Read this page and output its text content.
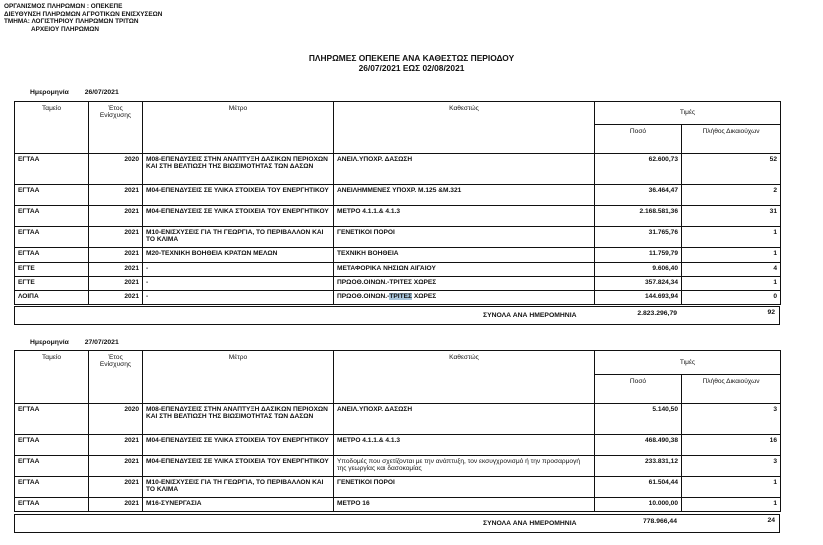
ΟΡΓΑΝΙΣΜΟΣ ΠΛΗΡΩΜΩΝ : ΟΠΕΚΕΠΕ
ΔΙΕΥΘΥΝΣΗ ΠΛΗΡΩΜΩΝ ΑΓΡΟΤΙΚΩΝ ΕΝΙΣΧΥΣΕΩΝ
ΤΜΗΜΑ: ΛΟΓΙΣΤΗΡΙΟΥ ΠΛΗΡΩΜΩΝ ΤΡΙΤΩΝ
ΑΡΧΕΙΟΥ ΠΛΗΡΩΜΩΝ
ΠΛΗΡΩΜΕΣ ΟΠΕΚΕΠΕ ΑΝΑ ΚΑΘΕΣΤΩΣ ΠΕΡΙΟΔΟΥ
26/07/2021 ΕΩΣ 02/08/2021
Ημερομηνία 26/07/2021
Ταμείο	Έτος Ενίσχυσης	Μέτρο	Καθεστώς	Τιμές	
				Ποσό	Πλήθος Δικαιούχων
ΕΓΤΑΑ	2020	M08-ΕΠΕΝΔΥΣΕΙΣ ΣΤΗΝ ΑΝΑΠΤΥΞΗ ΔΑΣΙΚΩΝ ΠΕΡΙΟΧΩΝ ΚΑΙ ΣΤΗ ΒΕΛΤΙΩΣΗ ΤΗΣ ΒΙΩΣΙΜΟΤΗΤΑΣ ΤΩΝ ΔΑΣΩΝ	ΑΝΕΙΛ.ΥΠΟΧΡ. ΔΑΣΩΣΗ	62.600,73	52
ΕΓΤΑΑ	2021	M04-ΕΠΕΝΔΥΣΕΙΣ ΣΕ ΥΛΙΚΑ ΣΤΟΙΧΕΙΑ ΤΟΥ ΕΝΕΡΓΗΤΙΚΟΥ	ΑΝΕΙΛΗΜΜΕΝΕΣ ΥΠΟΧΡ. Μ.125 &Μ.321	36.464,47	2
ΕΓΤΑΑ	2021	M04-ΕΠΕΝΔΥΣΕΙΣ ΣΕ ΥΛΙΚΑ ΣΤΟΙΧΕΙΑ ΤΟΥ ΕΝΕΡΓΗΤΙΚΟΥ	ΜΕΤΡΟ 4.1.1.& 4.1.3	2.168.581,36	31
ΕΓΤΑΑ	2021	M10-ΕΝΙΣΧΥΣΕΙΣ ΓΙΑ ΤΗ ΓΕΩΡΓΙΑ, ΤΟ ΠΕΡΙΒΑΛΛΟΝ ΚΑΙ ΤΟ ΚΛΙΜΑ	ΓΕΝΕΤΙΚΟΙ ΠΟΡΟΙ	31.765,76	1
ΕΓΤΑΑ	2021	M20-ΤΕΧΝΙΚΗ ΒΟΗΘΕΙΑ ΚΡΑΤΩΝ ΜΕΛΩΝ	ΤΕΧΝΙΚΗ ΒΟΗΘΕΙΑ	11.759,79	1
ΕΓΤΕ	2021	-	ΜΕΤΑΦΟΡΙΚΑ ΝΗΣΙΩΝ ΑΙΓΑΙΟΥ	9.606,40	4
ΕΓΤΕ	2021	-	ΠΡΩΟΘ.ΟΙΝΩΝ.-ΤΡΙΤΕΣ ΧΩΡΕΣ	357.824,34	1
ΛΟΙΠΑ	2021	-	ΠΡΩΟΘ.ΟΙΝΩΝ.-ΤΡΙΤΕΣ ΧΩΡΕΣ	144.693,94	0
ΣΥΝΟΛΑ ΑΝΑ ΗΜΕΡΟΜΗΝΙΑ	2.823.296,79	92
Ημερομηνία 27/07/2021
Ταμείο	Έτος Ενίσχυσης	Μέτρο	Καθεστώς	Τιμές	
				Ποσό	Πλήθος Δικαιούχων
ΕΓΤΑΑ	2020	M08-ΕΠΕΝΔΥΣΕΙΣ ΣΤΗΝ ΑΝΑΠΤΥΞΗ ΔΑΣΙΚΩΝ ΠΕΡΙΟΧΩΝ ΚΑΙ ΣΤΗ ΒΕΛΤΙΩΣΗ ΤΗΣ ΒΙΩΣΙΜΟΤΗΤΑΣ ΤΩΝ ΔΑΣΩΝ	ΑΝΕΙΛ.ΥΠΟΧΡ. ΔΑΣΩΣΗ	5.140,50	3
ΕΓΤΑΑ	2021	M04-ΕΠΕΝΔΥΣΕΙΣ ΣΕ ΥΛΙΚΑ ΣΤΟΙΧΕΙΑ ΤΟΥ ΕΝΕΡΓΗΤΙΚΟΥ	ΜΕΤΡΟ 4.1.1.& 4.1.3	468.490,38	16
ΕΓΤΑΑ	2021	M04-ΕΠΕΝΔΥΣΕΙΣ ΣΕ ΥΛΙΚΑ ΣΤΟΙΧΕΙΑ ΤΟΥ ΕΝΕΡΓΗΤΙΚΟΥ	Υποδομές που σχετίζονται με την ανάπτυξη, τον εκσυγχρονισμό ή την προσαρμογή της γεωργίας και δασοκομίας	233.831,12	3
ΕΓΤΑΑ	2021	M10-ΕΝΙΣΧΥΣΕΙΣ ΓΙΑ ΤΗ ΓΕΩΡΓΙΑ, ΤΟ ΠΕΡΙΒΑΛΛΟΝ ΚΑΙ ΤΟ ΚΛΙΜΑ	ΓΕΝΕΤΙΚΟΙ ΠΟΡΟΙ	61.504,44	1
ΕΓΤΑΑ	2021	M16-ΣΥΝΕΡΓΑΣΙΑ	ΜΕΤΡΟ 16	10.000,00	1
ΣΥΝΟΛΑ ΑΝΑ ΗΜΕΡΟΜΗΝΙΑ	778.966,44	24
